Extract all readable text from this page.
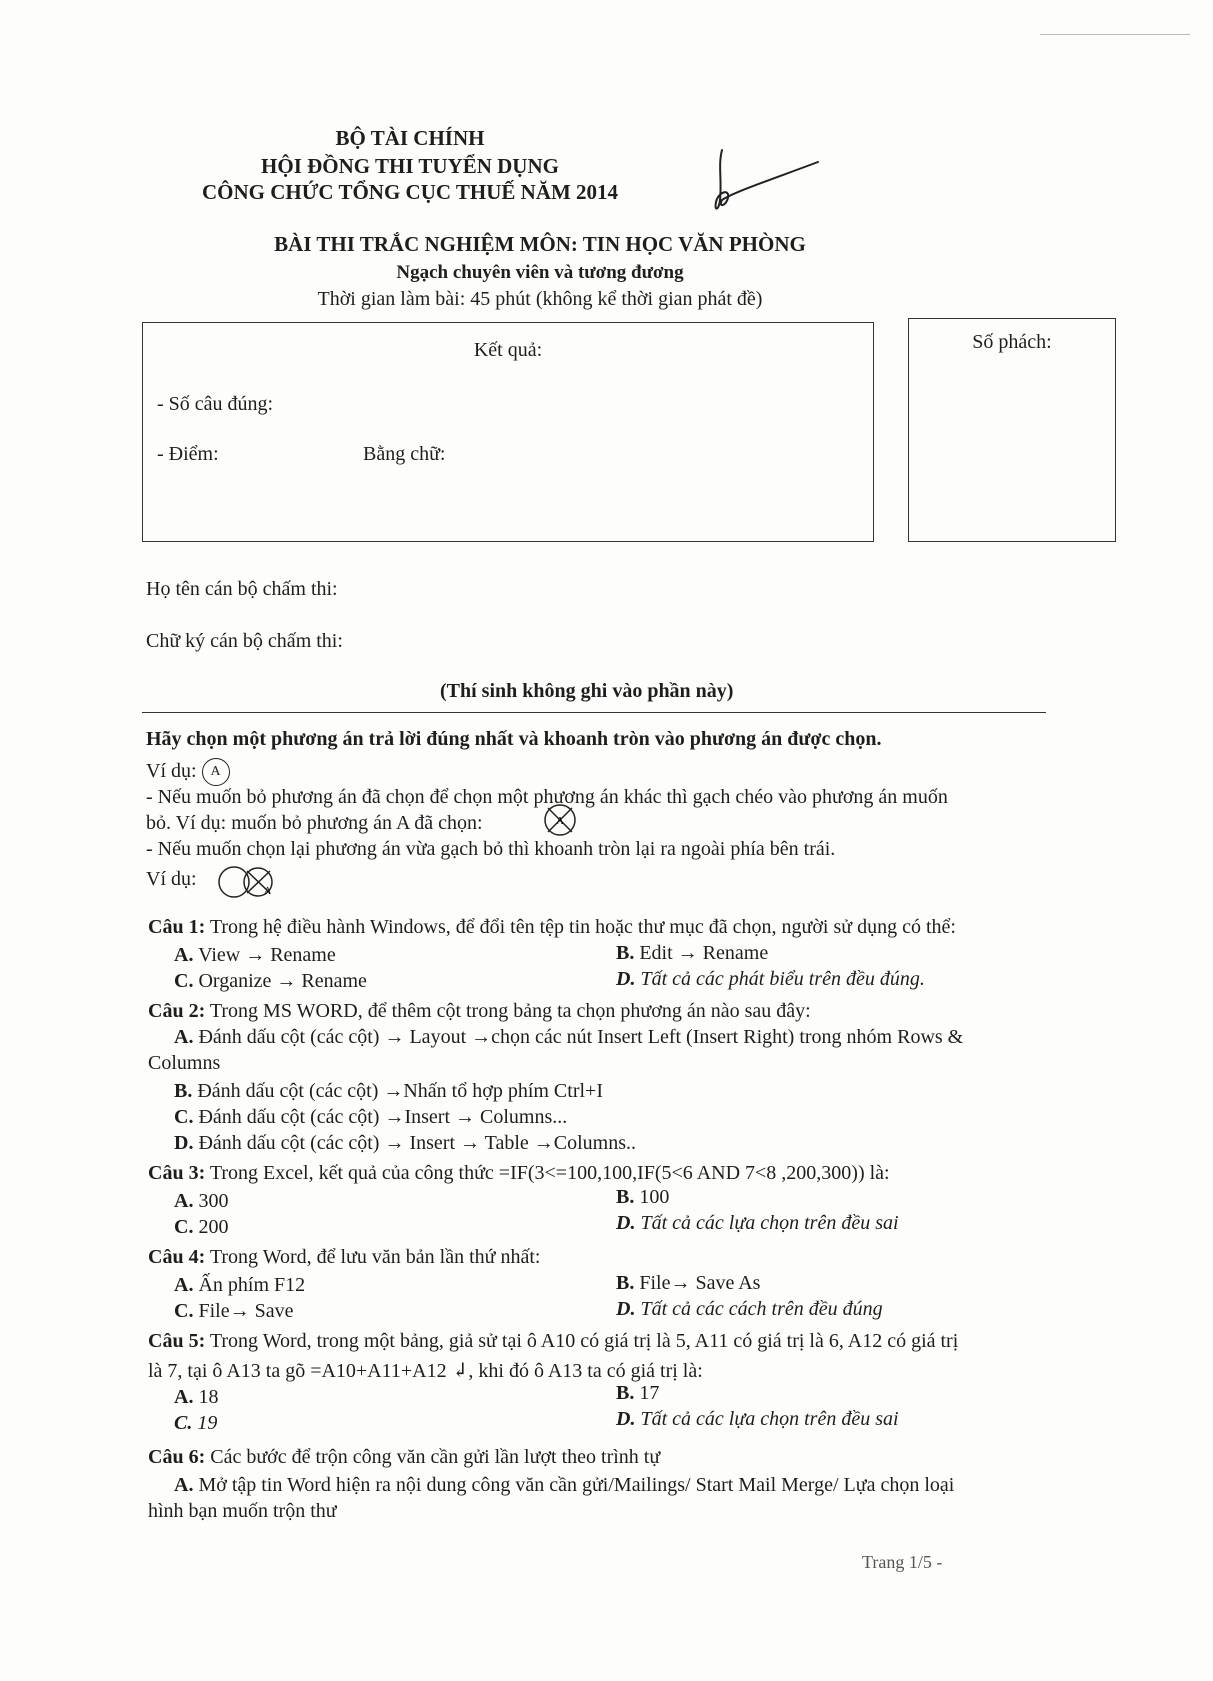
BỘ TÀI CHÍNH
HỘI ĐỒNG THI TUYỂN DỤNG
CÔNG CHỨC TỔNG CỤC THUẾ NĂM 2014
BÀI THI TRẮC NGHIỆM MÔN: TIN HỌC VĂN PHÒNG
Ngạch chuyên viên và tương đương
Thời gian làm bài: 45 phút (không kể thời gian phát đề)
Kết quả:
- Số câu đúng:
- Điểm:	Bằng chữ:
Số phách:
Họ tên cán bộ chấm thi:
Chữ ký cán bộ chấm thi:
(Thí sinh không ghi vào phần này)
Hãy chọn một phương án trả lời đúng nhất và khoanh tròn vào phương án được chọn.
Ví dụ: A
- Nếu muốn bỏ phương án đã chọn để chọn một phương án khác thì gạch chéo vào phương án muốn
bỏ. Ví dụ: muốn bỏ phương án A đã chọn:	A
- Nếu muốn chọn lại phương án vừa gạch bỏ thì khoanh tròn lại ra ngoài phía bên trái.
Ví dụ:
A
Câu 1: Trong hệ điều hành Windows, để đổi tên tệp tin hoặc thư mục đã chọn, người sử dụng có thể:
A. View → Rename	B. Edit → Rename
C. Organize → Rename	D. Tất cả các phát biểu trên đều đúng.
Câu 2: Trong MS WORD, để thêm cột trong bảng ta chọn phương án nào sau đây:
A. Đánh dấu cột (các cột) → Layout →chọn các nút Insert Left (Insert Right) trong nhóm Rows &
Columns
B. Đánh dấu cột (các cột) →Nhấn tổ hợp phím Ctrl+I
C. Đánh dấu cột (các cột) →Insert → Columns...
D. Đánh dấu cột (các cột) → Insert → Table →Columns..
Câu 3: Trong Excel, kết quả của công thức =IF(3<=100,100,IF(5<6 AND 7<8 ,200,300)) là:
A. 300	B. 100
C. 200	D. Tất cả các lựa chọn trên đều sai
Câu 4: Trong Word, để lưu văn bản lần thứ nhất:
A. Ấn phím F12	B. File→ Save As
C. File→ Save	D. Tất cả các cách trên đều đúng
Câu 5: Trong Word, trong một bảng, giả sử tại ô A10 có giá trị là 5, A11 có giá trị là 6, A12 có giá trị
là 7, tại ô A13 ta gõ =A10+A11+A12 ↲, khi đó ô A13 ta có giá trị là:
A. 18	B. 17
C. 19	D. Tất cả các lựa chọn trên đều sai
Câu 6: Các bước để trộn công văn cần gửi lần lượt theo trình tự
A. Mở tập tin Word hiện ra nội dung công văn cần gửi/Mailings/ Start Mail Merge/ Lựa chọn loại
hình bạn muốn trộn thư
Trang 1/5 -
